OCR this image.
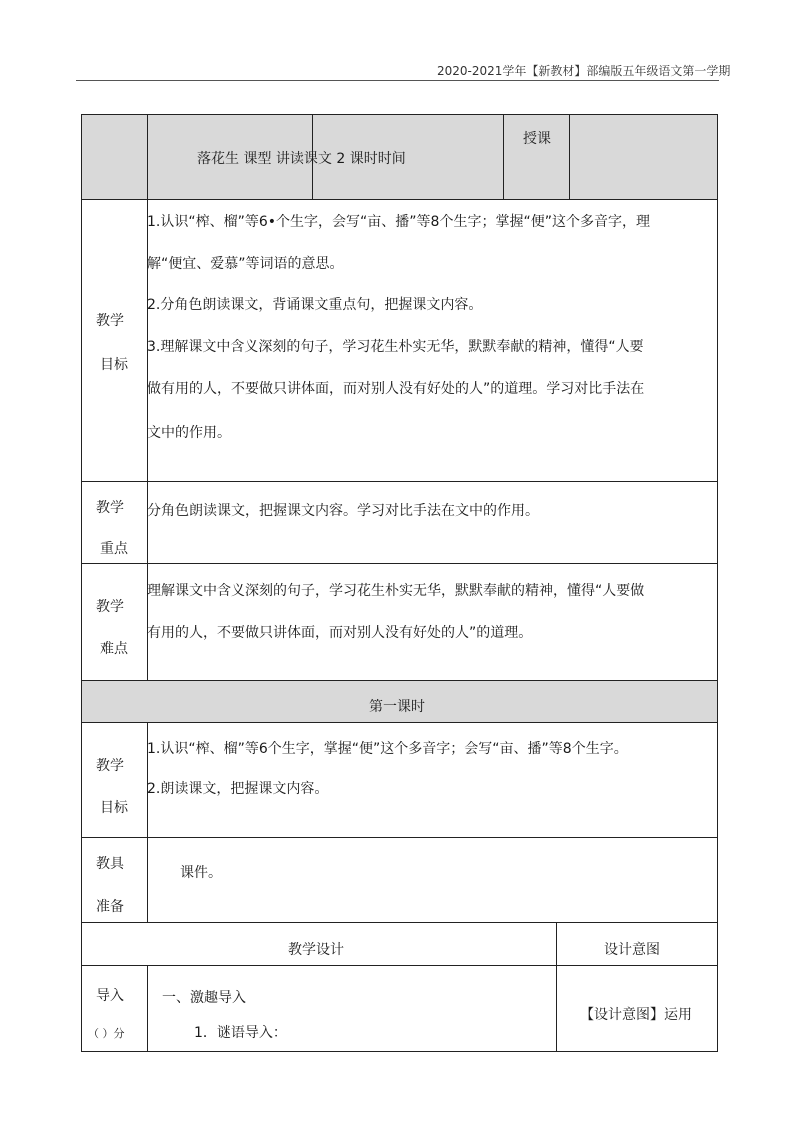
2020-2021学年【新教材】部编版五年级语文第一学期
落花生 课型 讲读课文 2 课时时间
授课
教学
目标
1.认识“榨、榴”等6•个生字，会写“亩、播”等8个生字；掌握“便”这个多音字，理
解“便宜、爱慕”等词语的意思。
2.分角色朗读课文，背诵课文重点句，把握课文内容。
3.理解课文中含义深刻的句子，学习花生朴实无华，默默奉献的精神，懂得“人要
做有用的人，不要做只讲体面，而对别人没有好处的人”的道理。学习对比手法在
文中的作用。
教学
重点
分角色朗读课文，把握课文内容。学习对比手法在文中的作用。
教学
难点
理解课文中含义深刻的句子，学习花生朴实无华，默默奉献的精神，懂得“人要做
有用的人，不要做只讲体面，而对别人没有好处的人”的道理。
第一课时
教学
目标
1.认识“榨、榴”等6个生字，掌握“便”这个多音字；会写“亩、播”等8个生字。
2.朗读课文，把握课文内容。
教具
准备
课件。
教学设计	设计意图
导入
（ ）分
一、激趣导入
1．谜语导入：
【设计意图】运用
